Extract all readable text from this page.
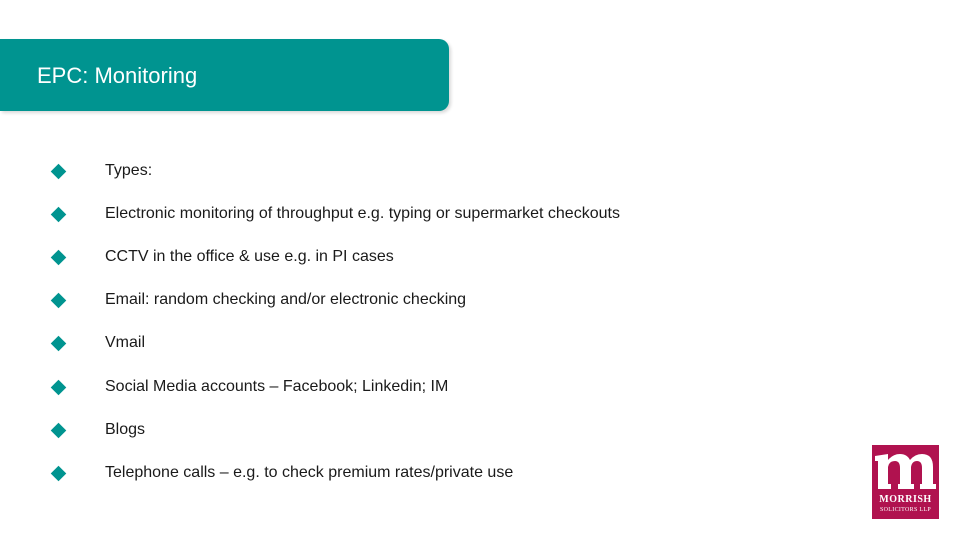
EPC: Monitoring
Types:
Electronic monitoring of throughput e.g. typing or supermarket checkouts
CCTV in the office & use e.g. in PI cases
Email: random checking and/or electronic checking
Vmail
Social Media accounts – Facebook; Linkedin; IM
Blogs
Telephone calls – e.g. to check premium rates/private use
MORRISH
SOLICITORS LLP
